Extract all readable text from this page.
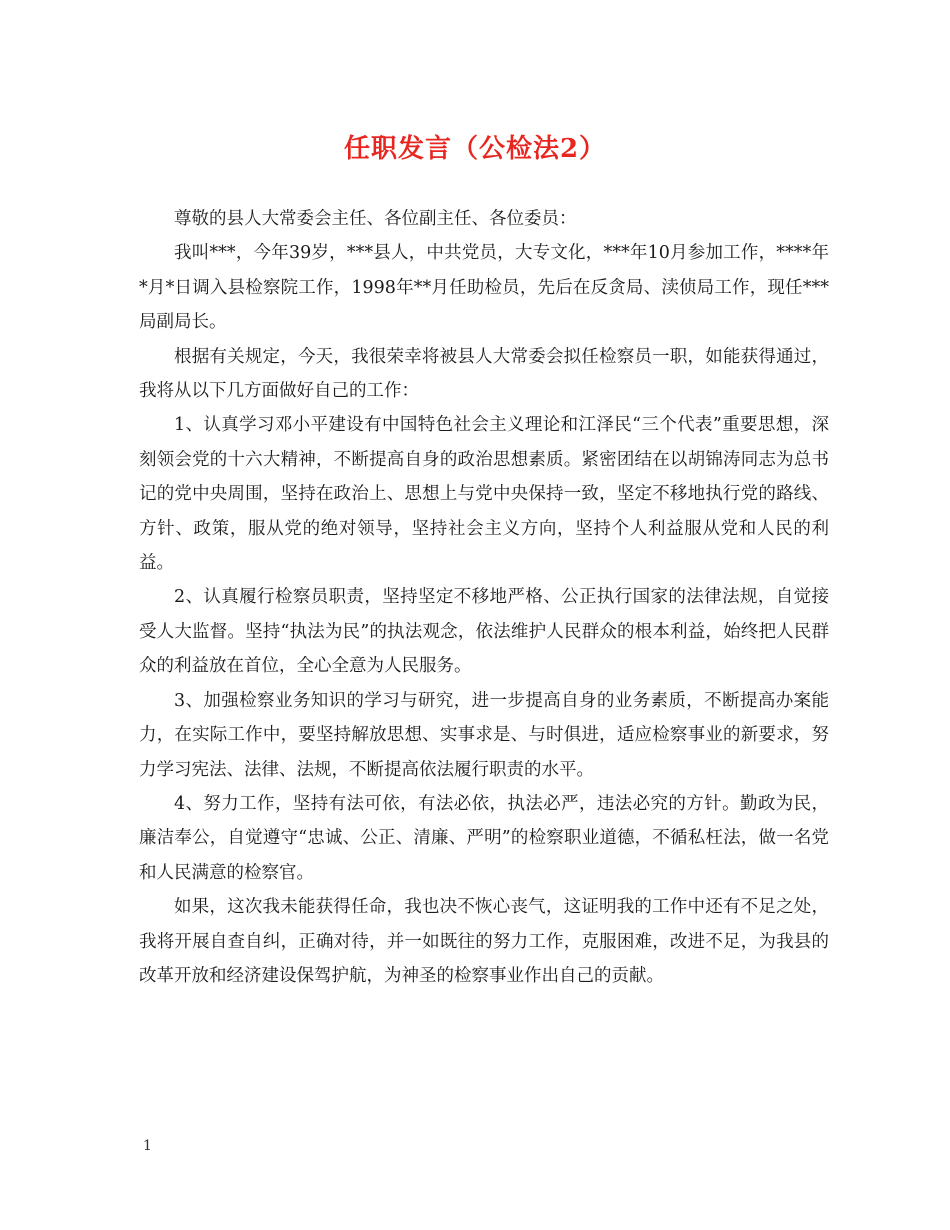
任职发言（公检法2）

尊敬的县人大常委会主任、各位副主任、各位委员：

我叫***，今年39岁，***县人，中共党员，大专文化，***年10月参加工作，****年*月*日调入县检察院工作，1998年**月任助检员，先后在反贪局、渎侦局工作，现任***局副局长。

根据有关规定，今天，我很荣幸将被县人大常委会拟任检察员一职，如能获得通过，我将从以下几方面做好自己的工作：

1、认真学习邓小平建设有中国特色社会主义理论和江泽民“三个代表”重要思想，深刻领会党的十六大精神，不断提高自身的政治思想素质。紧密团结在以胡锦涛同志为总书记的党中央周围，坚持在政治上、思想上与党中央保持一致，坚定不移地执行党的路线、方针、政策，服从党的绝对领导，坚持社会主义方向，坚持个人利益服从党和人民的利益。

2、认真履行检察员职责，坚持坚定不移地严格、公正执行国家的法律法规，自觉接受人大监督。坚持“执法为民”的执法观念，依法维护人民群众的根本利益，始终把人民群众的利益放在首位，全心全意为人民服务。

3、加强检察业务知识的学习与研究，进一步提高自身的业务素质，不断提高办案能力，在实际工作中，要坚持解放思想、实事求是、与时俱进，适应检察事业的新要求，努力学习宪法、法律、法规，不断提高依法履行职责的水平。

4、努力工作，坚持有法可依，有法必依，执法必严，违法必究的方针。勤政为民，廉洁奉公，自觉遵守“忠诚、公正、清廉、严明”的检察职业道德，不循私枉法，做一名党和人民满意的检察官。

如果，这次我未能获得任命，我也决不恢心丧气，这证明我的工作中还有不足之处，我将开展自查自纠，正确对待，并一如既往的努力工作，克服困难，改进不足，为我县的改革开放和经济建设保驾护航，为神圣的检察事业作出自己的贡献。

1
